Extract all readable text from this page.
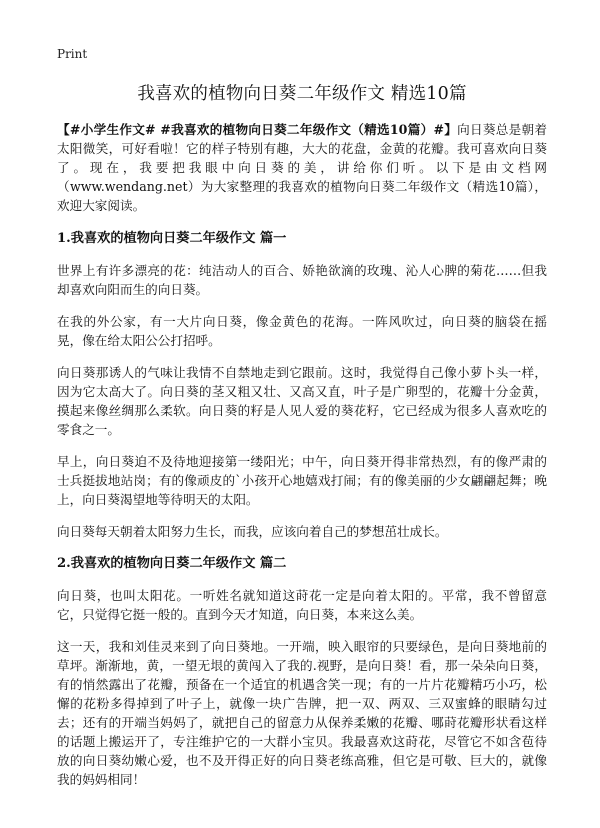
Print
我喜欢的植物向日葵二年级作文 精选10篇

【#小学生作文# #我喜欢的植物向日葵二年级作文（精选10篇）#】向日葵总是朝着太阳微笑，可好看啦！它的样子特别有趣，大大的花盘，金黄的花瓣。我可喜欢向日葵了。现在，我要把我眼中向日葵的美，讲给你们听。以下是由文档网（www.wendang.net）为大家整理的我喜欢的植物向日葵二年级作文（精选10篇），欢迎大家阅读。

1.我喜欢的植物向日葵二年级作文 篇一

世界上有许多漂亮的花：纯洁动人的百合、娇艳欲滴的玫瑰、沁人心脾的菊花……但我却喜欢向阳而生的向日葵。

在我的外公家，有一大片向日葵，像金黄色的花海。一阵风吹过，向日葵的脑袋在摇晃，像在给太阳公公打招呼。

向日葵那诱人的气味让我情不自禁地走到它跟前。这时，我觉得自己像小萝卜头一样，因为它太高大了。向日葵的茎又粗又壮、又高又直，叶子是广卵型的，花瓣十分金黄，摸起来像丝绸那么柔软。向日葵的籽是人见人爱的葵花籽，它已经成为很多人喜欢吃的零食之一。

早上，向日葵迫不及待地迎接第一缕阳光；中午，向日葵开得非常热烈，有的像严肃的士兵挺拔地站岗；有的像顽皮的`小孩开心地嬉戏打闹；有的像美丽的少女翩翩起舞；晚上，向日葵渴望地等待明天的太阳。

向日葵每天朝着太阳努力生长，而我，应该向着自己的梦想茁壮成长。

2.我喜欢的植物向日葵二年级作文 篇二

向日葵，也叫太阳花。一听姓名就知道这莳花一定是向着太阳的。平常，我不曾留意它，只觉得它挺一般的。直到今天才知道，向日葵，本来这么美。

这一天，我和刘佳灵来到了向日葵地。一开端，映入眼帘的只要绿色，是向日葵地前的草坪。渐渐地，黄，一望无垠的黄闯入了我的.视野，是向日葵！看，那一朵朵向日葵，有的悄然露出了花瓣，预备在一个适宜的机遇含笑一现；有的一片片花瓣精巧小巧，松懈的花粉多得掉到了叶子上，就像一块广告牌，把一双、两双、三双蜜蜂的眼睛勾过去；还有的开端当妈妈了，就把自己的留意力从保养柔嫩的花瓣、哪莳花瓣形状看这样的话题上搬运开了，专注维护它的一大群小宝贝。我最喜欢这莳花，尽管它不如含苞待放的向日葵幼嫩心爱，也不及开得正好的向日葵老练高雅，但它是可敬、巨大的，就像我的妈妈相同！
